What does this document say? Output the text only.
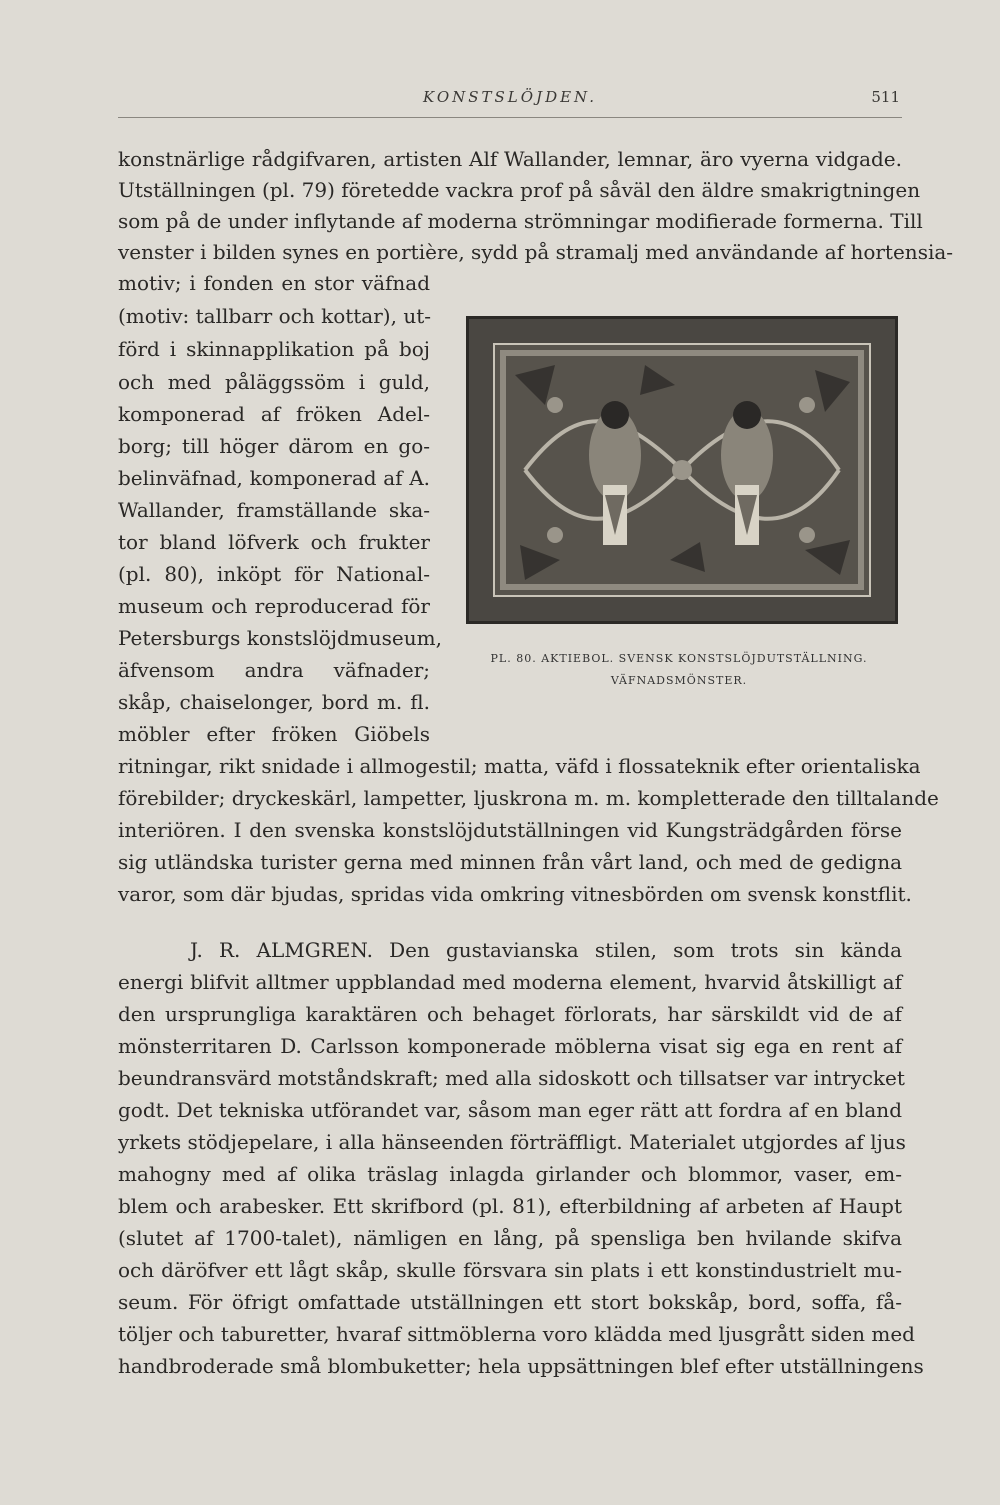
KONSTSLÖJDEN.	511
konstnärlige rådgifvaren, artisten Alf Wallander, lemnar, äro vyerna vidgade.
Utställningen (pl. 79) företedde vackra prof på såväl den äldre smakrigtningen
som på de under inflytande af moderna strömningar modifierade formerna. Till
venster i bilden synes en portière, sydd på stramalj med användande af hortensia-
motiv; i fonden en stor väfnad
(motiv: tallbarr och kottar), ut-
förd i skinnapplikation på boj
och med påläggssöm i guld,
komponerad af fröken Adel-
borg; till höger därom en go-
belinväfnad, komponerad af A.
Wallander, framställande ska-
tor bland löfverk och frukter
(pl. 80), inköpt för National-
museum och reproducerad för
Petersburgs konstslöjdmuseum,
äfvensom andra väfnader;
skåp, chaiselonger, bord m. fl.
möbler efter fröken Giöbels
ritningar, rikt snidade i allmogestil; matta, väfd i flossateknik efter orientaliska
förebilder; dryckeskärl, lampetter, ljuskrona m. m. kompletterade den tilltalande
interiören. I den svenska konstslöjdutställningen vid Kungsträdgården förse
sig utländska turister gerna med minnen från vårt land, och med de gedigna
varor, som där bjudas, spridas vida omkring vitnesbörden om svensk konstflit.
J. R. ALMGREN. Den gustavianska stilen, som trots sin kända
energi blifvit alltmer uppblandad med moderna element, hvarvid åtskilligt af
den ursprungliga karaktären och behaget förlorats, har särskildt vid de af
mönsterritaren D. Carlsson komponerade möblerna visat sig ega en rent af
beundransvärd motståndskraft; med alla sidoskott och tillsatser var intrycket
godt. Det tekniska utförandet var, såsom man eger rätt att fordra af en bland
yrkets stödjepelare, i alla hänseenden förträffligt. Materialet utgjordes af ljus
mahogny med af olika träslag inlagda girlander och blommor, vaser, em-
blem och arabesker. Ett skrifbord (pl. 81), efterbildning af arbeten af Haupt
(slutet af 1700-talet), nämligen en lång, på spensliga ben hvilande skifva
och däröfver ett lågt skåp, skulle försvara sin plats i ett konstindustrielt mu-
seum. För öfrigt omfattade utställningen ett stort bokskåp, bord, soffa, få-
töljer och taburetter, hvaraf sittmöblerna voro klädda med ljusgrått siden med
handbroderade små blombuketter; hela uppsättningen blef efter utställningens
PL. 80. AKTIEBOL. SVENSK KONSTSLÖJDUTSTÄLLNING.
VÄFNADSMÖNSTER.
